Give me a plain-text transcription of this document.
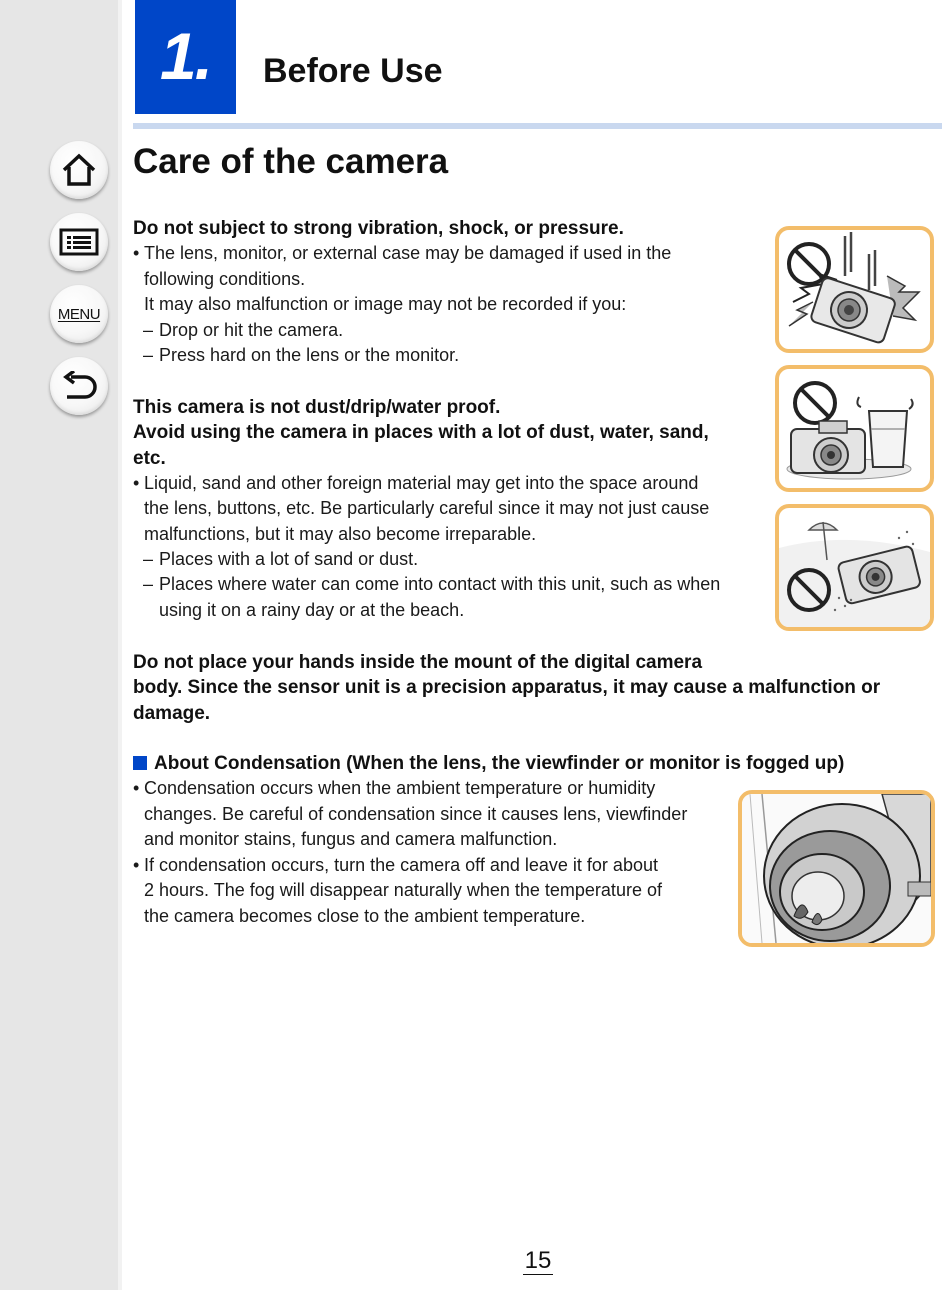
MENU
1.	Before Use
Care of the camera
Do not subject to strong vibration, shock, or pressure.
• The lens, monitor, or external case may be damaged if used in the
following conditions.
It may also malfunction or image may not be recorded if you:
– Drop or hit the camera.
– Press hard on the lens or the monitor.
This camera is not dust/drip/water proof.
Avoid using the camera in places with a lot of dust, water, sand,
etc.
• Liquid, sand and other foreign material may get into the space around
the lens, buttons, etc. Be particularly careful since it may not just cause
malfunctions, but it may also become irreparable.
– Places with a lot of sand or dust.
– Places where water can come into contact with this unit, such as when
using it on a rainy day or at the beach.
Do not place your hands inside the mount of the digital camera
body. Since the sensor unit is a precision apparatus, it may cause a malfunction or
damage.
About Condensation (When the lens, the viewfinder or monitor is fogged up)
• Condensation occurs when the ambient temperature or humidity
changes. Be careful of condensation since it causes lens, viewfinder
and monitor stains, fungus and camera malfunction.
• If condensation occurs, turn the camera off and leave it for about
2 hours. The fog will disappear naturally when the temperature of
the camera becomes close to the ambient temperature.
15
